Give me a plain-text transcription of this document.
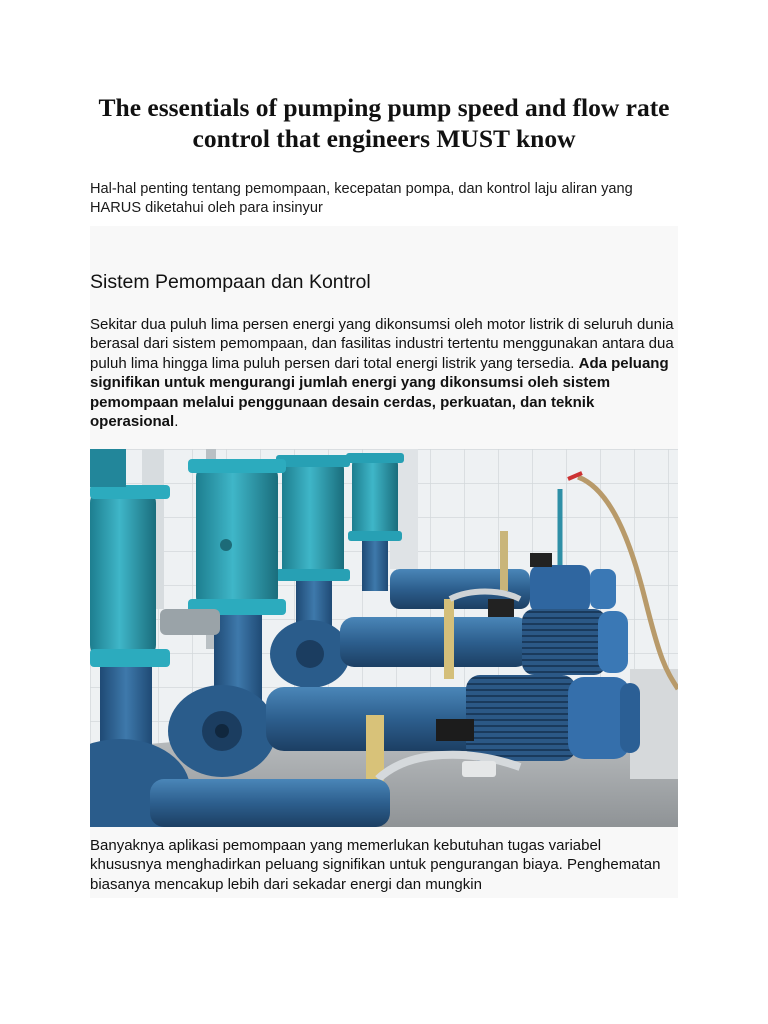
The essentials of pumping pump speed and flow rate control that engineers MUST know

Hal-hal penting tentang pemompaan, kecepatan pompa, dan kontrol laju aliran yang HARUS diketahui oleh para insinyur

Sistem Pemompaan dan Kontrol

Sekitar dua puluh lima persen energi yang dikonsumsi oleh motor listrik di seluruh dunia berasal dari sistem pemompaan, dan fasilitas industri tertentu menggunakan antara dua puluh lima hingga lima puluh persen dari total energi listrik yang tersedia. Ada peluang signifikan untuk mengurangi jumlah energi yang dikonsumsi oleh sistem pemompaan melalui penggunaan desain cerdas, perkuatan, dan teknik operasional.

Banyaknya aplikasi pemompaan yang memerlukan kebutuhan tugas variabel khususnya menghadirkan peluang signifikan untuk pengurangan biaya. Penghematan biasanya mencakup lebih dari sekadar energi dan mungkin
